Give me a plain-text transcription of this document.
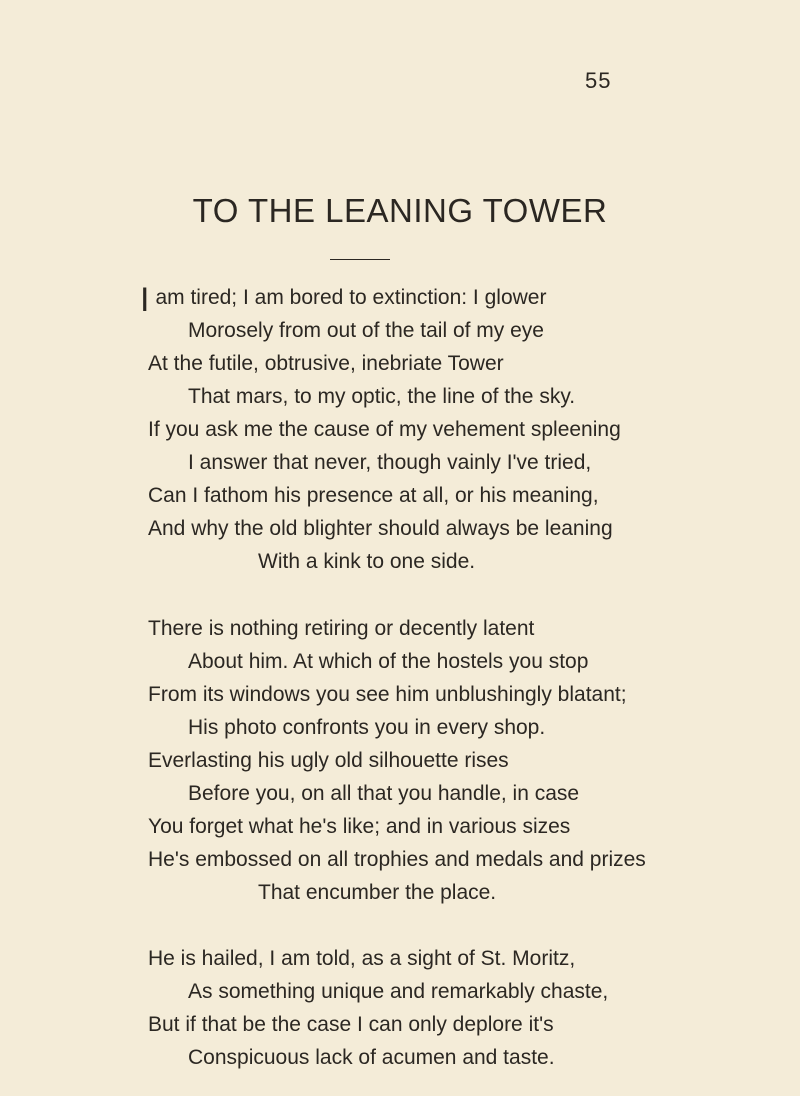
55
TO THE LEANING TOWER
Iam tired; I am bored to extinction: I glower
Morosely from out of the tail of my eye
At the futile, obtrusive, inebriate Tower
That mars, to my optic, the line of the sky.
If you ask me the cause of my vehement spleening
I answer that never, though vainly I've tried,
Can I fathom his presence at all, or his meaning,
And why the old blighter should always be leaning
With a kink to one side.
There is nothing retiring or decently latent
About him. At which of the hostels you stop
From its windows you see him unblushingly blatant;
His photo confronts you in every shop.
Everlasting his ugly old silhouette rises
Before you, on all that you handle, in case
You forget what he's like; and in various sizes
He's embossed on all trophies and medals and prizes
That encumber the place.
He is hailed, I am told, as a sight of St. Moritz,
As something unique and remarkably chaste,
But if that be the case I can only deplore it's
Conspicuous lack of acumen and taste.
